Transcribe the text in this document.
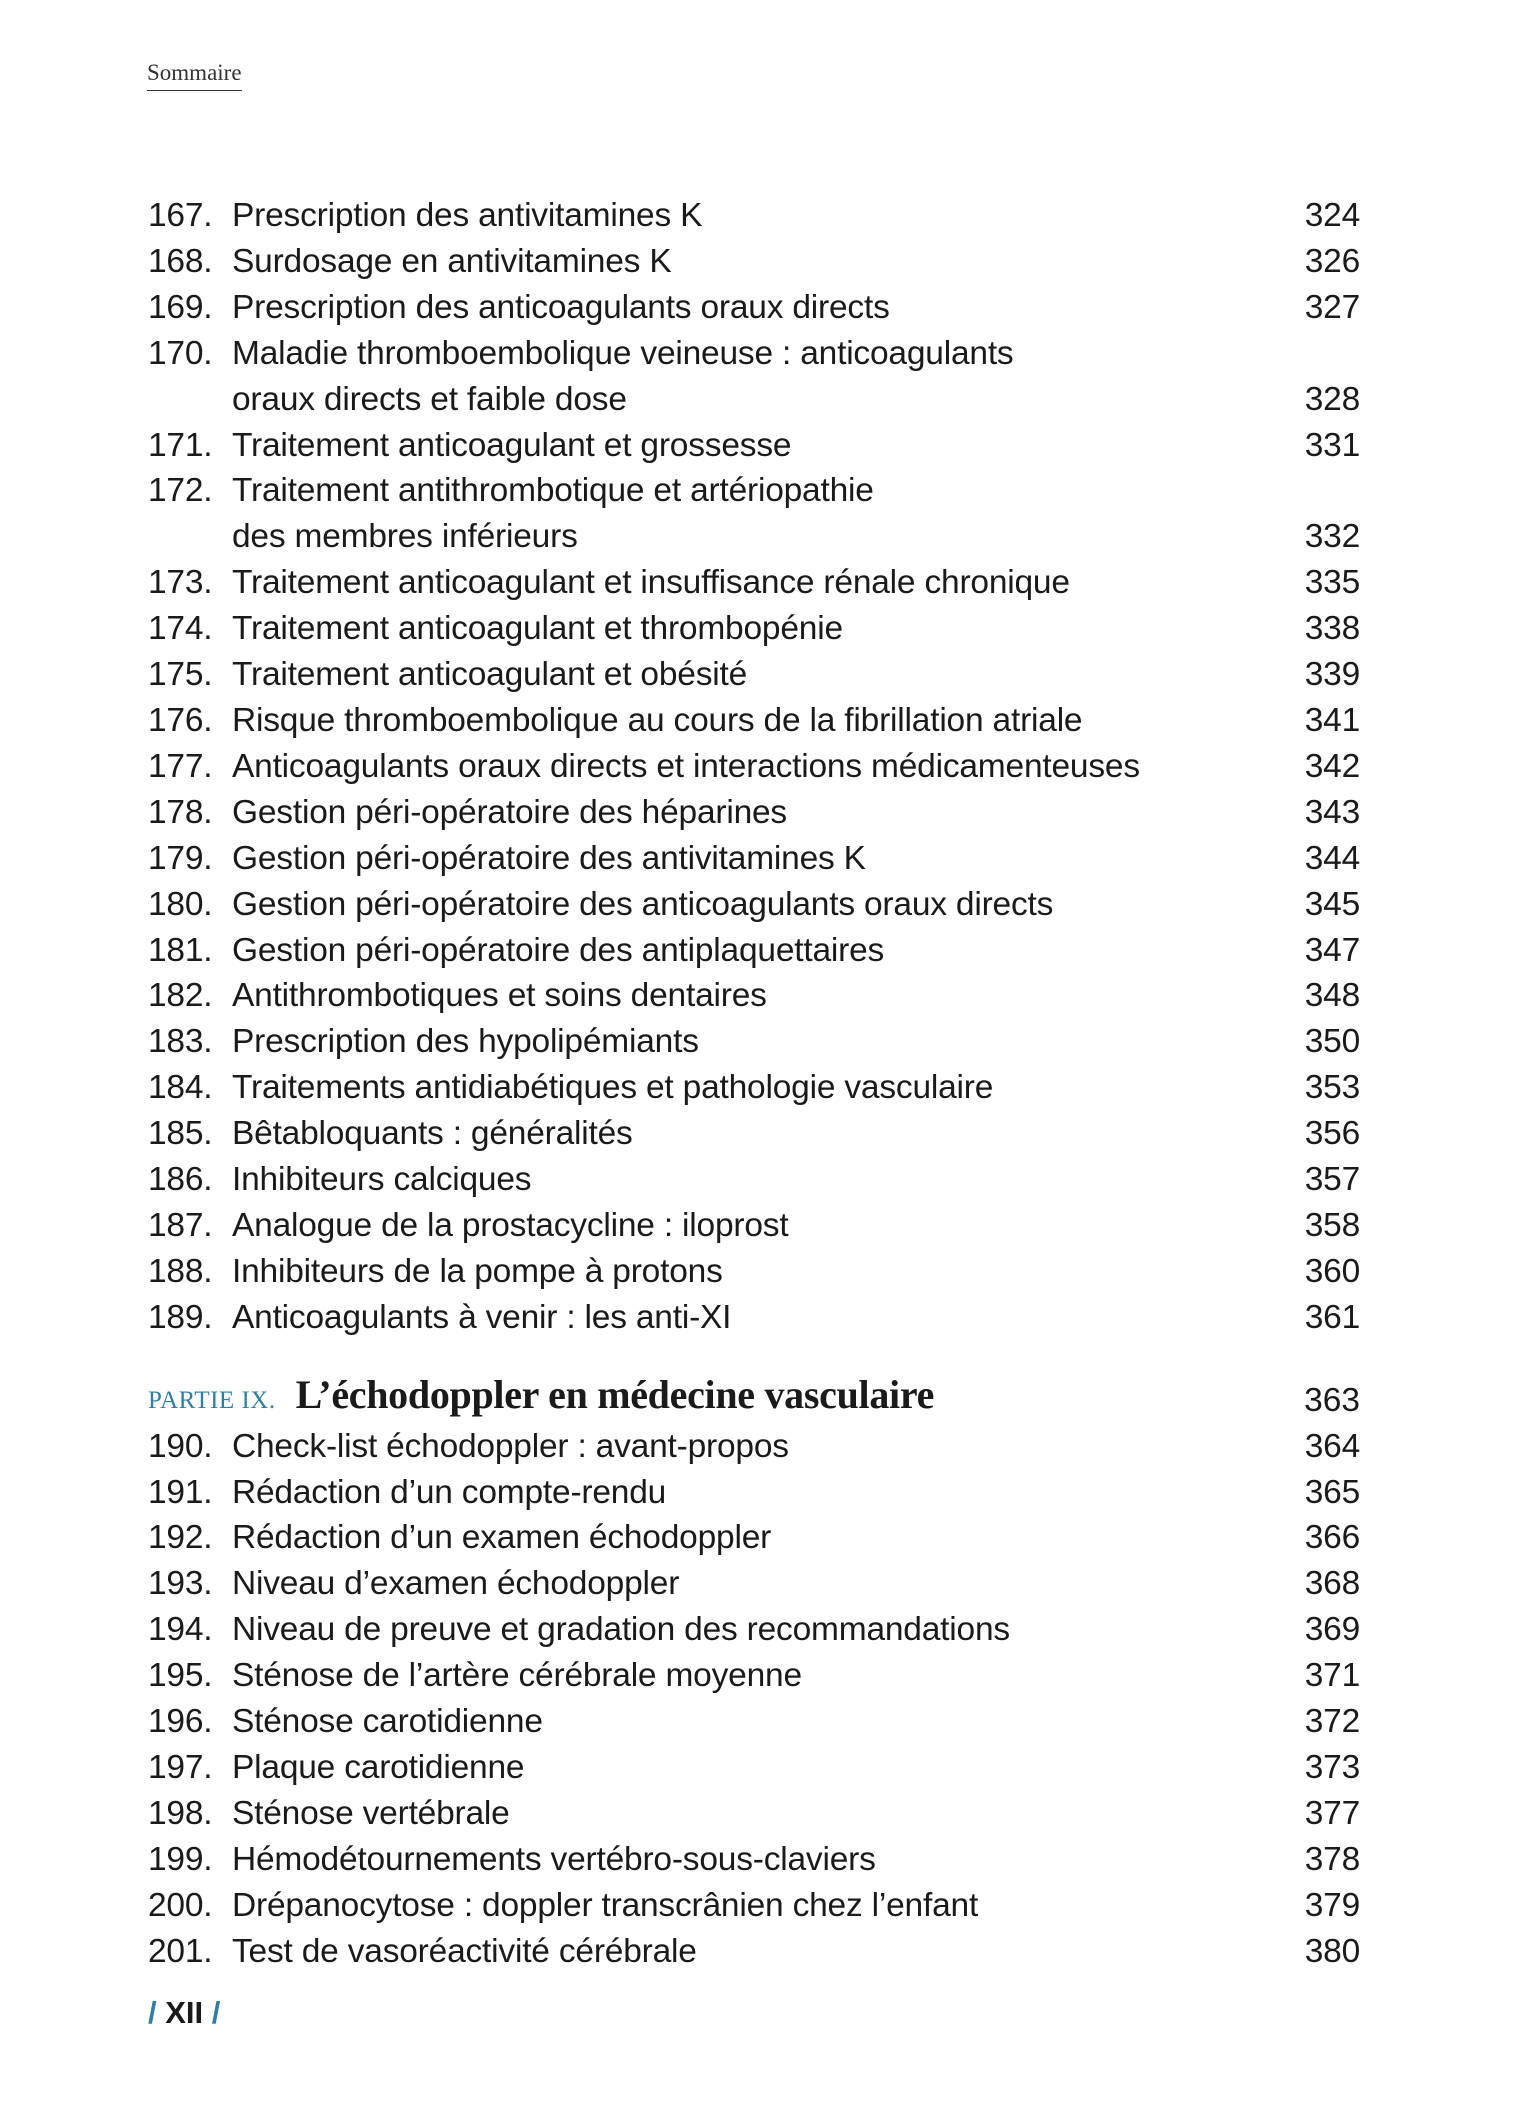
Sommaire
167. Prescription des antivitamines K	324
168. Surdosage en antivitamines K	326
169. Prescription des anticoagulants oraux directs	327
170. Maladie thromboembolique veineuse : anticoagulants
oraux directs et faible dose	328
171. Traitement anticoagulant et grossesse	331
172. Traitement antithrombotique et artériopathie
des membres inférieurs	332
173. Traitement anticoagulant et insuffisance rénale chronique	335
174. Traitement anticoagulant et thrombopénie	338
175. Traitement anticoagulant et obésité	339
176. Risque thromboembolique au cours de la fibrillation atriale	341
177. Anticoagulants oraux directs et interactions médicamenteuses	342
178. Gestion péri-opératoire des héparines	343
179. Gestion péri-opératoire des antivitamines K	344
180. Gestion péri-opératoire des anticoagulants oraux directs	345
181. Gestion péri-opératoire des antiplaquettaires	347
182. Antithrombotiques et soins dentaires	348
183. Prescription des hypolipémiants	350
184. Traitements antidiabétiques et pathologie vasculaire	353
185. Bêtabloquants : généralités	356
186. Inhibiteurs calciques	357
187. Analogue de la prostacycline : iloprost	358
188. Inhibiteurs de la pompe à protons	360
189. Anticoagulants à venir : les anti-XI	361
PARTIE IX. L’échodoppler en médecine vasculaire	363
190. Check-list échodoppler : avant-propos	364
191. Rédaction d’un compte-rendu	365
192. Rédaction d’un examen échodoppler	366
193. Niveau d’examen échodoppler	368
194. Niveau de preuve et gradation des recommandations	369
195. Sténose de l’artère cérébrale moyenne	371
196. Sténose carotidienne	372
197. Plaque carotidienne	373
198. Sténose vertébrale	377
199. Hémodétournements vertébro-sous-claviers	378
200. Drépanocytose : doppler transcrânien chez l’enfant	379
201. Test de vasoréactivité cérébrale	380
/ XII /
